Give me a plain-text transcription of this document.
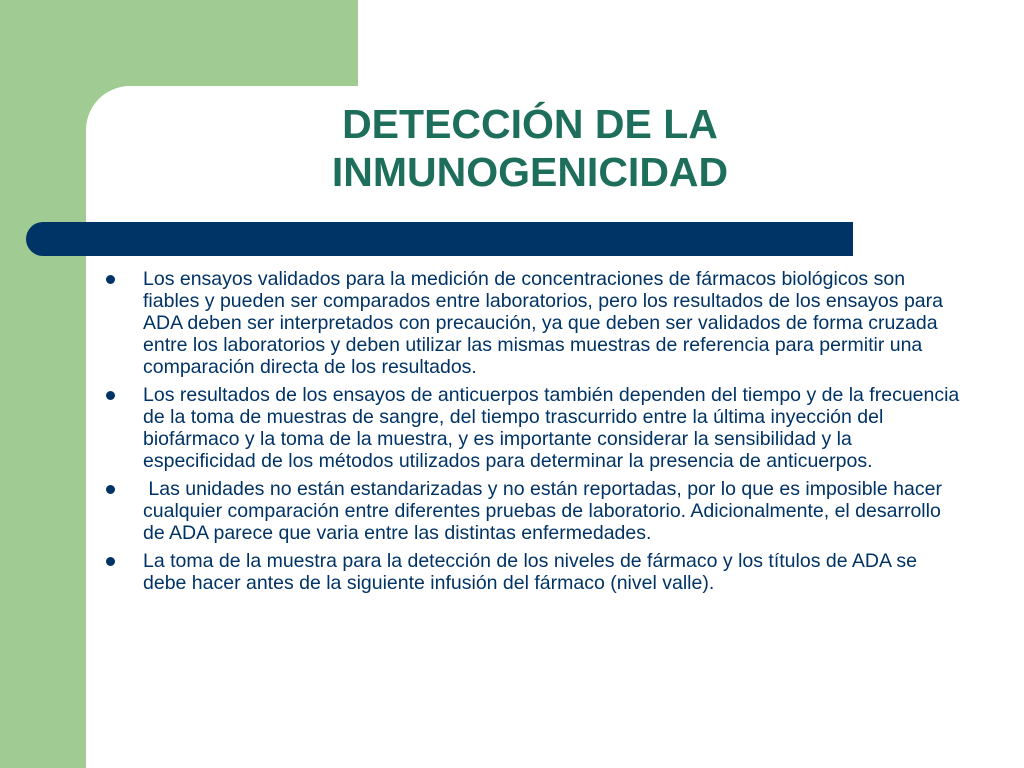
DETECCIÓN DE LA
INMUNOGENICIDAD
Los ensayos validados para la medición de concentraciones de fármacos biológicos son fiables y pueden ser comparados entre laboratorios, pero los resultados de los ensayos para ADA deben ser interpretados con precaución, ya que deben ser validados de forma cruzada entre los laboratorios y deben utilizar las mismas muestras de referencia para permitir una comparación directa de los resultados.
Los resultados de los ensayos de anticuerpos también dependen del tiempo y de la frecuencia de la toma de muestras de sangre, del tiempo trascurrido entre la última inyección del biofármaco y la toma de la muestra, y es importante considerar la sensibilidad y la especificidad de los métodos utilizados para determinar la presencia de anticuerpos.
Las unidades no están estandarizadas y no están reportadas, por lo que es imposible hacer cualquier comparación entre diferentes pruebas de laboratorio. Adicionalmente, el desarrollo de ADA parece que varia entre las distintas enfermedades.
La toma de la muestra para la detección de los niveles de fármaco y los títulos de ADA se debe hacer antes de la siguiente infusión del fármaco (nivel valle).
